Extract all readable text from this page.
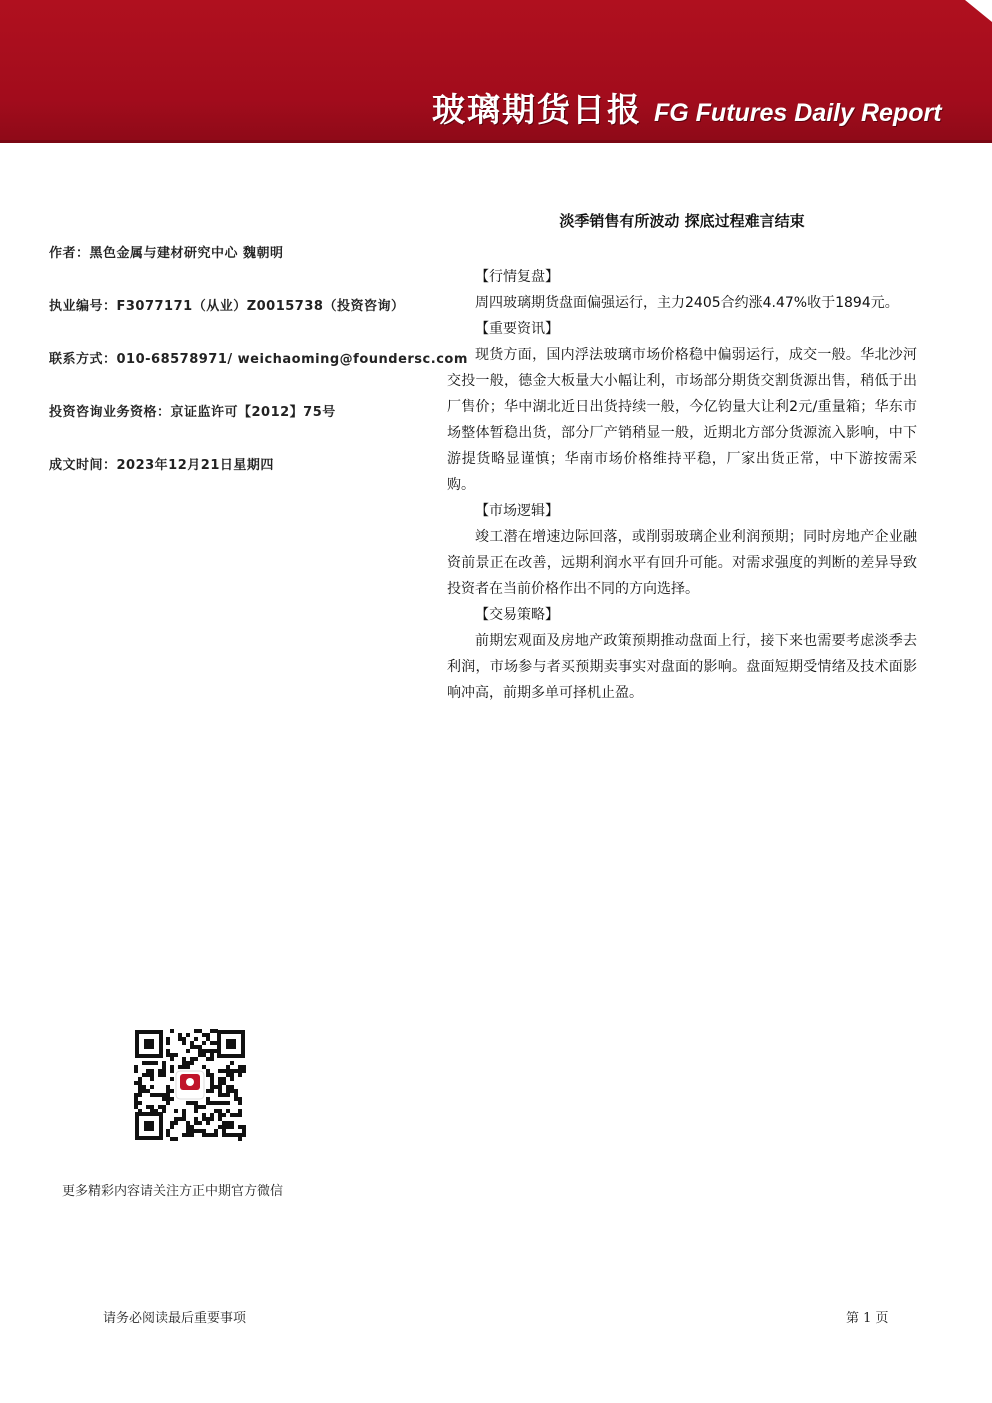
玻璃期货日报 FG Futures Daily Report
作者：黑色金属与建材研究中心 魏朝明
执业编号：F3077171（从业）Z0015738（投资咨询）
联系方式：010-68578971/ weichaoming@foundersc.com
投资咨询业务资格：京证监许可【2012】75号
成文时间：2023年12月21日星期四
淡季销售有所波动 探底过程难言结束
【行情复盘】

周四玻璃期货盘面偏强运行，主力2405合约涨4.47%收于1894元。

【重要资讯】

现货方面，国内浮法玻璃市场价格稳中偏弱运行，成交一般。华北沙河交投一般，德金大板量大小幅让利，市场部分期货交割货源出售，稍低于出厂售价；华中湖北近日出货持续一般，今亿钧量大让利2元/重量箱；华东市场整体暂稳出货，部分厂产销稍显一般，近期北方部分货源流入影响，中下游提货略显谨慎；华南市场价格维持平稳，厂家出货正常，中下游按需采购。

【市场逻辑】

竣工潜在增速边际回落，或削弱玻璃企业利润预期；同时房地产企业融资前景正在改善，远期利润水平有回升可能。对需求强度的判断的差异导致投资者在当前价格作出不同的方向选择。

【交易策略】

前期宏观面及房地产政策预期推动盘面上行，接下来也需要考虑淡季去利润，市场参与者买预期卖事实对盘面的影响。盘面短期受情绪及技术面影响冲高，前期多单可择机止盈。

更多精彩内容请关注方正中期官方微信
请务必阅读最后重要事项	第 1 页
